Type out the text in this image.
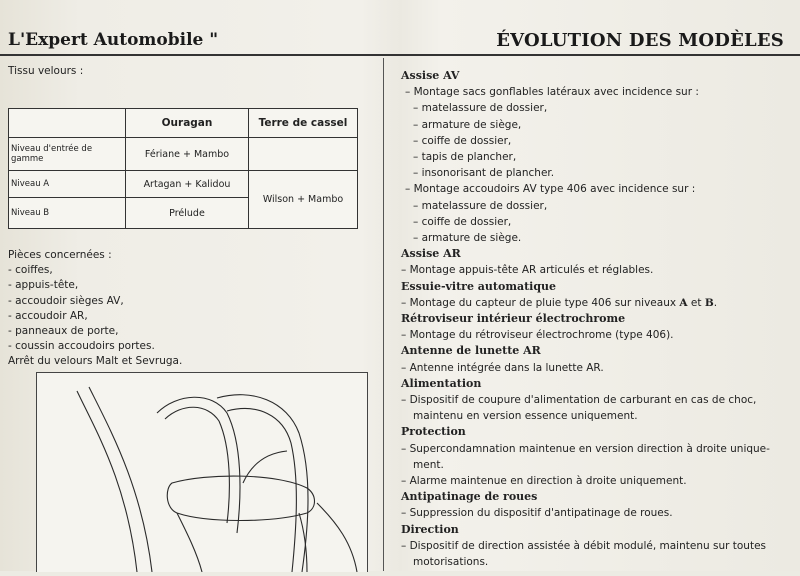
L'Expert Automobile "	ÉVOLUTION DES MODÈLES

Tissu velours :

	Ouragan	Terre de cassel
Niveau d'entrée de gamme	Fériane + Mambo	
Niveau A	Artagan + Kalidou	Wilson + Mambo
Niveau B	Prélude	

Pièces concernées :

- coiffes,

- appuis-tête,

- accoudoir sièges AV,

- accoudoir AR,

- panneaux de porte,

- coussin accoudoirs portes.

Arrêt du velours Malt et Sevruga.

Assise AV
– Montage sacs gonflables latéraux avec incidence sur :
– matelassure de dossier,
– armature de siège,
– coiffe de dossier,
– tapis de plancher,
– insonorisant de plancher.
– Montage accoudoirs AV type 406 avec incidence sur :
– matelassure de dossier,
– coiffe de dossier,
– armature de siège.
Assise AR
– Montage appuis-tête AR articulés et réglables.
Essuie-vitre automatique
– Montage du capteur de pluie type 406 sur niveaux A et B.
Rétroviseur intérieur électrochrome
– Montage du rétroviseur électrochrome (type 406).
Antenne de lunette AR
– Antenne intégrée dans la lunette AR.
Alimentation
– Dispositif de coupure d'alimentation de carburant en cas de choc,
maintenu en version essence uniquement.
Protection
– Supercondamnation maintenue en version direction à droite unique-
ment.
– Alarme maintenue en direction à droite uniquement.
Antipatinage de roues
– Suppression du dispositif d'antipatinage de roues.
Direction
– Dispositif de direction assistée à débit modulé, maintenu sur toutes
motorisations.
